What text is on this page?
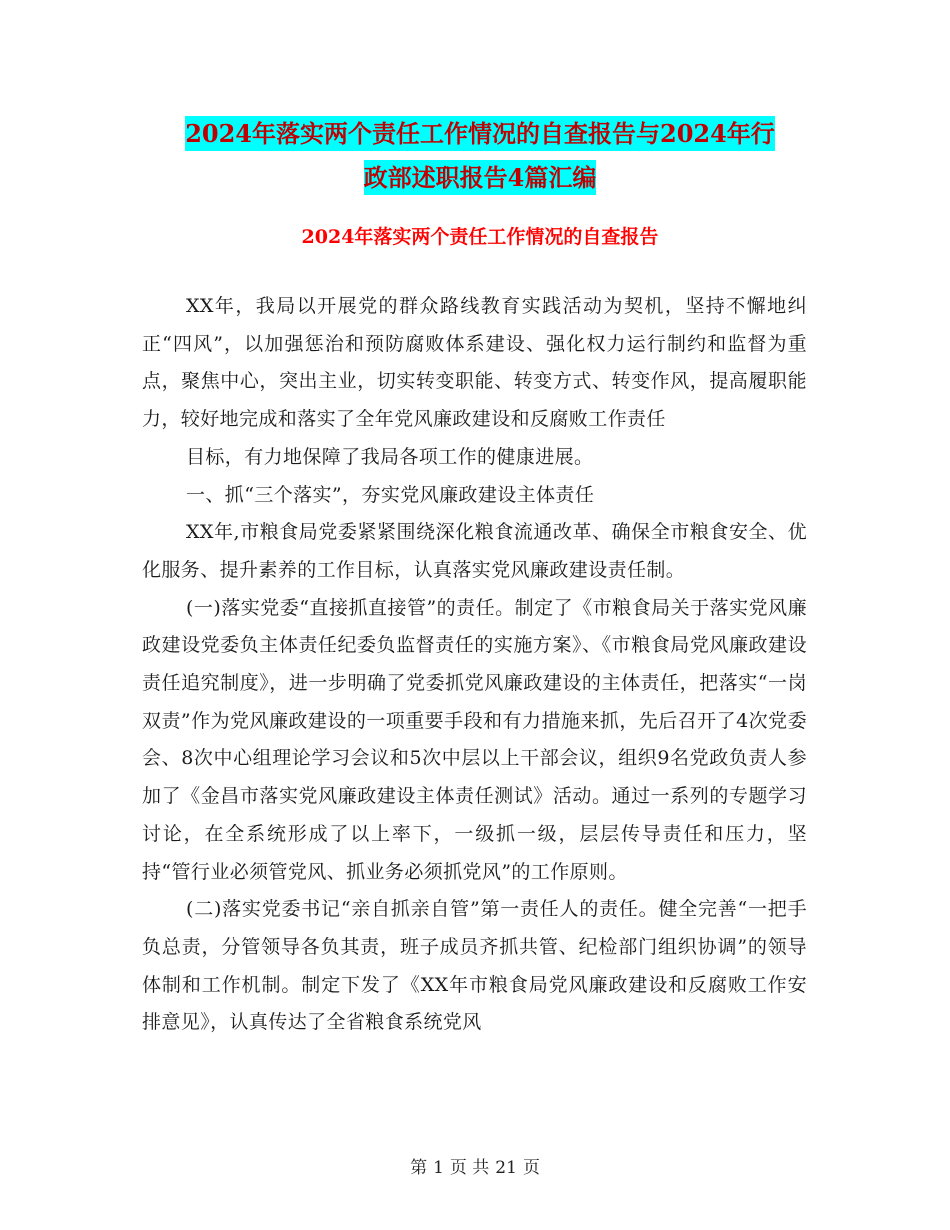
2024年落实两个责任工作情况的自查报告与2024年行
政部述职报告4篇汇编
2024年落实两个责任工作情况的自查报告

XX年，我局以开展党的群众路线教育实践活动为契机，坚持不懈地纠正“四风”，以加强惩治和预防腐败体系建设、强化权力运行制约和监督为重点，聚焦中心，突出主业，切实转变职能、转变方式、转变作风，提高履职能力，较好地完成和落实了全年党风廉政建设和反腐败工作责任

目标，有力地保障了我局各项工作的健康进展。

一、抓“三个落实”，夯实党风廉政建设主体责任

XX年,市粮食局党委紧紧围绕深化粮食流通改革、确保全市粮食安全、优化服务、提升素养的工作目标，认真落实党风廉政建设责任制。

(一)落实党委“直接抓直接管”的责任。制定了《市粮食局关于落实党风廉政建设党委负主体责任纪委负监督责任的实施方案》、《市粮食局党风廉政建设责任追究制度》，进一步明确了党委抓党风廉政建设的主体责任，把落实“一岗双责”作为党风廉政建设的一项重要手段和有力措施来抓，先后召开了4次党委会、8次中心组理论学习会议和5次中层以上干部会议，组织9名党政负责人参加了《金昌市落实党风廉政建设主体责任测试》活动。通过一系列的专题学习讨论，在全系统形成了以上率下，一级抓一级，层层传导责任和压力，坚持“管行业必须管党风、抓业务必须抓党风”的工作原则。

(二)落实党委书记“亲自抓亲自管”第一责任人的责任。健全完善“一把手负总责，分管领导各负其责，班子成员齐抓共管、纪检部门组织协调”的领导体制和工作机制。制定下发了《XX年市粮食局党风廉政建设和反腐败工作安排意见》，认真传达了全省粮食系统党风

第 1 页 共 21 页
